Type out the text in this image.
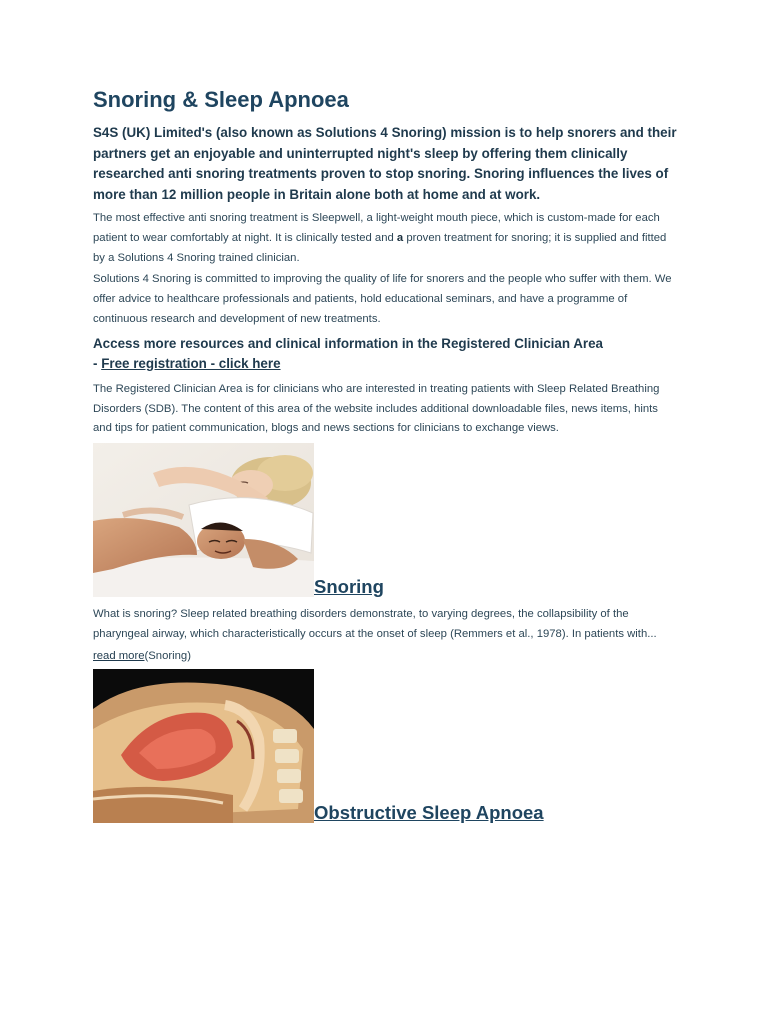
Snoring & Sleep Apnoea

S4S (UK) Limited's (also known as Solutions 4 Snoring) mission is to help snorers and their partners get an enjoyable and uninterrupted night's sleep by offering them clinically researched anti snoring treatments proven to stop snoring. Snoring influences the lives of more than 12 million people in Britain alone both at home and at work.

The most effective anti snoring treatment is Sleepwell, a light-weight mouth piece, which is custom-made for each patient to wear comfortably at night. It is clinically tested and a proven treatment for snoring; it is supplied and fitted by a Solutions 4 Snoring trained clinician.

Solutions 4 Snoring is committed to improving the quality of life for snorers and the people who suffer with them. We offer advice to healthcare professionals and patients, hold educational seminars, and have a programme of continuous research and development of new treatments.

Access more resources and clinical information in the Registered Clinician Area
- Free registration - click here

The Registered Clinician Area is for clinicians who are interested in treating patients with Sleep Related Breathing Disorders (SDB). The content of this area of the website includes additional downloadable files, news items, hints and tips for patient communication, blogs and news sections for clinicians to exchange views.

Snoring

What is snoring? Sleep related breathing disorders demonstrate, to varying degrees, the collapsibility of the pharyngeal airway, which characteristically occurs at the onset of sleep (Remmers et al., 1978). In patients with...

read more(Snoring)

Obstructive Sleep Apnoea
